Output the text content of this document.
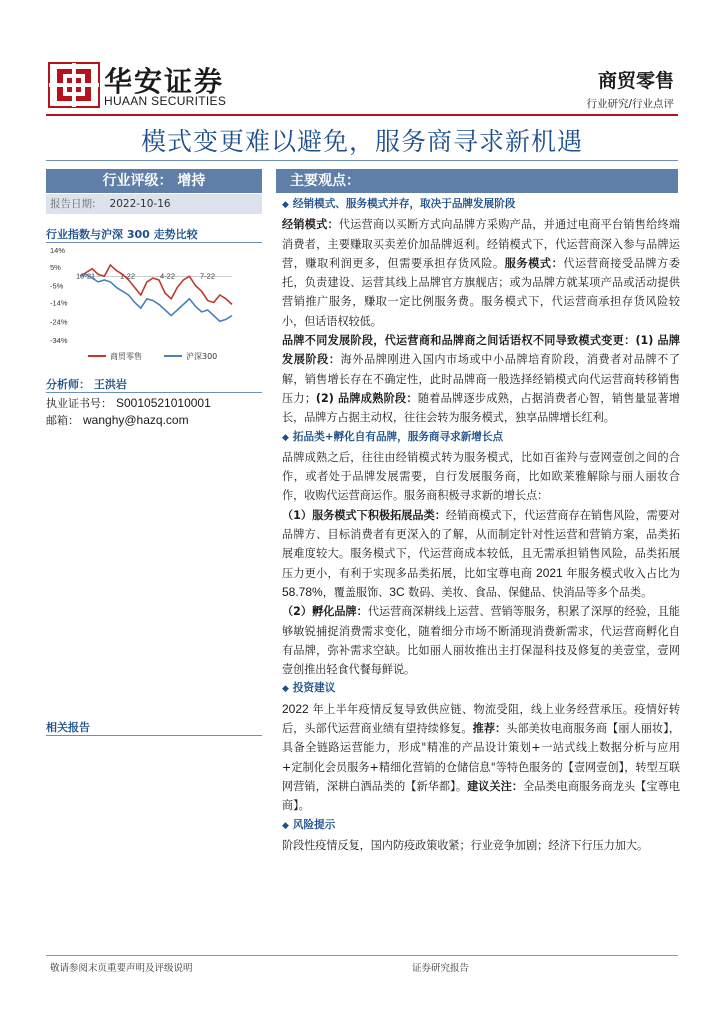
华安证券
HUAAN SECURITIES
商贸零售
行业研究/行业点评
模式变更难以避免，服务商寻求新机遇
行业评级： 增持
报告日期: 2022-10-16
行业指数与沪深 300 走势比较
14%
5%
-5%
-14%
-24%
-34%
10-21	1-22	4-22	7-22
商贸零售	沪深300
分析师： 王洪岩
执业证书号： S0010521010001
邮箱： wanghy@hazq.com
相关报告
主要观点：
◆ 经销模式、服务模式并存，取决于品牌发展阶段

经销模式：代运营商以买断方式向品牌方采购产品，并通过电商平台销售给终端消费者，主要赚取买卖差价加品牌返利。经销模式下，代运营商深入参与品牌运营，赚取利润更多，但需要承担存货风险。服务模式：代运营商接受品牌方委托，负责建设、运营其线上品牌官方旗舰店；或为品牌方就某项产品或活动提供营销推广服务，赚取一定比例服务费。服务模式下，代运营商承担存货风险较小，但话语权较低。

品牌不同发展阶段，代运营商和品牌商之间话语权不同导致模式变更：(1) 品牌发展阶段：海外品牌刚进入国内市场或中小品牌培育阶段，消费者对品牌不了解，销售增长存在不确定性，此时品牌商一般选择经销模式向代运营商转移销售压力；(2) 品牌成熟阶段：随着品牌逐步成熟，占据消费者心智，销售量显著增长，品牌方占据主动权，往往会转为服务模式，独享品牌增长红利。

◆ 拓品类+孵化自有品牌，服务商寻求新增长点

品牌成熟之后，往往由经销模式转为服务模式，比如百雀羚与壹网壹创之间的合作，或者处于品牌发展需要，自行发展服务商，比如欧莱雅解除与丽人丽妆合作，收购代运营商运作。服务商积极寻求新的增长点：

（1）服务模式下积极拓展品类：经销商模式下，代运营商存在销售风险，需要对品牌方、目标消费者有更深入的了解，从而制定针对性运营和营销方案，品类拓展难度较大。服务模式下，代运营商成本较低，且无需承担销售风险，品类拓展压力更小，有利于实现多品类拓展，比如宝尊电商 2021 年服务模式收入占比为 58.78%，覆盖服饰、3C 数码、美妆、食品、保健品、快消品等多个品类。

（2）孵化品牌：代运营商深耕线上运营、营销等服务，积累了深厚的经验，且能够敏锐捕捉消费需求变化，随着细分市场不断涌现消费新需求，代运营商孵化自有品牌，弥补需求空缺。比如丽人丽妆推出主打保湿科技及修复的美壹堂，壹网壹创推出轻食代餐每鲜说。

◆ 投资建议

2022 年上半年疫情反复导致供应链、物流受阻，线上业务经营承压。疫情好转后，头部代运营商业绩有望持续修复。推荐：头部美妆电商服务商【丽人丽妆】，具备全链路运营能力，形成"精准的产品设计策划+一站式线上数据分析与应用+定制化会员服务+精细化营销的仓储信息"等特色服务的【壹网壹创】，转型互联网营销，深耕白酒品类的【新华都】。建议关注：全品类电商服务商龙头【宝尊电商】。

◆ 风险提示

阶段性疫情反复，国内防疫政策收紧；行业竞争加剧；经济下行压力加大。

敬请参阅末页重要声明及评级说明	证券研究报告
